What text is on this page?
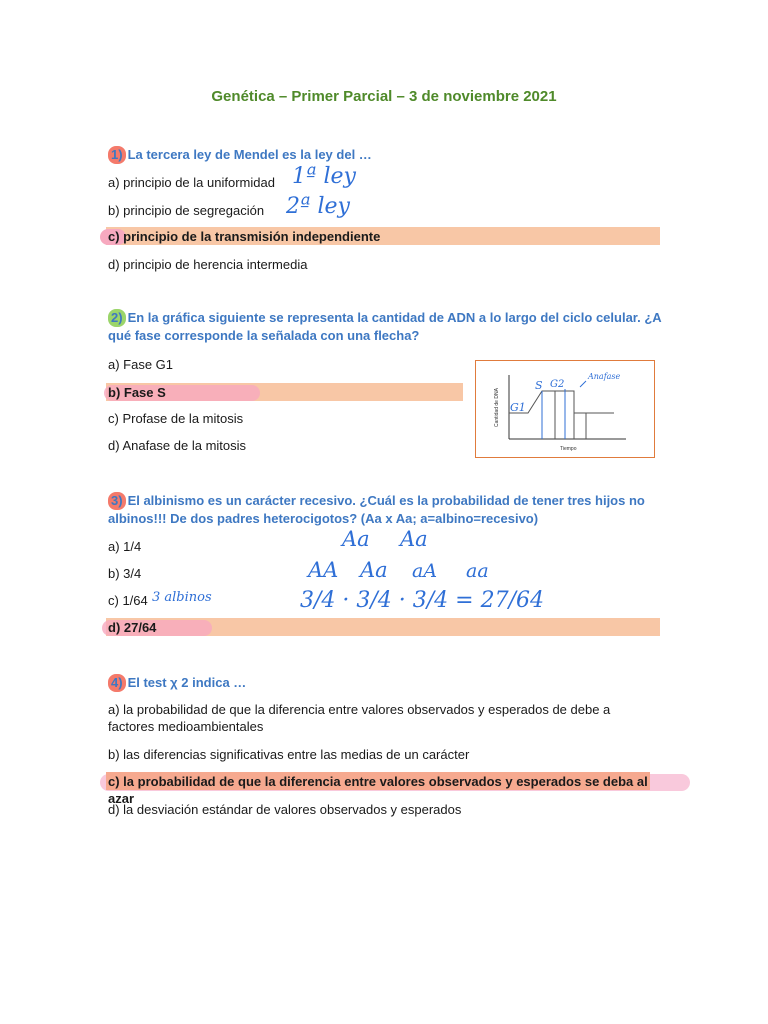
Genética – Primer Parcial – 3 de noviembre 2021
1) La tercera ley de Mendel es la ley del …
a) principio de la uniformidad 1ª ley
b) principio de segregación 2ª ley
c) principio de la transmisión independiente
d) principio de herencia intermedia
2) En la gráfica siguiente se representa la cantidad de ADN a lo largo del ciclo celular. ¿A qué fase corresponde la señalada con una flecha?
a) Fase G1
b) Fase S
c) Profase de la mitosis
d) Anafase de la mitosis
Cantidad de DNA
Tiempo
G1
S G2
Anafase
3) El albinismo es un carácter recesivo. ¿Cuál es la probabilidad de tener tres hijos no albinos!!! De dos padres heterocigotos? (Aa x Aa; a=albino=recesivo)
a) 1/4
b) 3/4
c) 1/64
d) 27/64
Aa Aa
AA Aa aA aa
3 albinos	3/4 · 3/4 · 3/4 = 27/64
4) El test χ 2 indica …
a) la probabilidad de que la diferencia entre valores observados y esperados de debe a factores medioambientales
b) las diferencias significativas entre las medias de un carácter
c) la probabilidad de que la diferencia entre valores observados y esperados se deba al azar
d) la desviación estándar de valores observados y esperados
